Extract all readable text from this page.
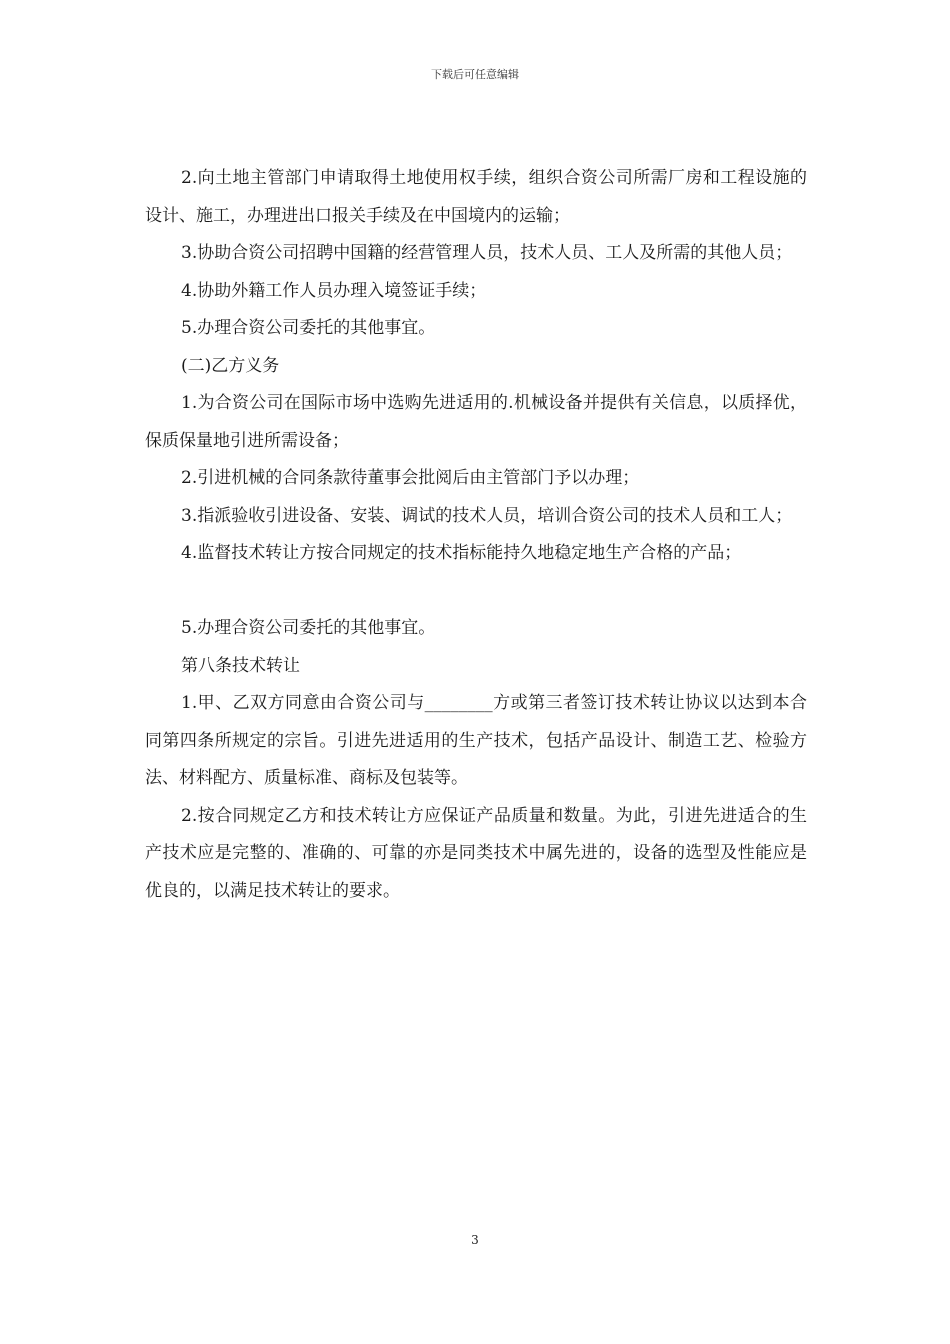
下载后可任意编辑

2.向土地主管部门申请取得土地使用权手续，组织合资公司所需厂房和工程设施的设计、施工，办理进出口报关手续及在中国境内的运输；

3.协助合资公司招聘中国籍的经营管理人员，技术人员、工人及所需的其他人员；

4.协助外籍工作人员办理入境签证手续；

5.办理合资公司委托的其他事宜。

(二)乙方义务

1.为合资公司在国际市场中选购先进适用的.机械设备并提供有关信息，以质择优，保质保量地引进所需设备；

2.引进机械的合同条款待董事会批阅后由主管部门予以办理；

3.指派验收引进设备、安装、调试的技术人员，培训合资公司的技术人员和工人；

4.监督技术转让方按合同规定的技术指标能持久地稳定地生产合格的产品；

5.办理合资公司委托的其他事宜。

第八条技术转让

1.甲、乙双方同意由合资公司与________方或第三者签订技术转让协议以达到本合同第四条所规定的宗旨。引进先进适用的生产技术，包括产品设计、制造工艺、检验方法、材料配方、质量标准、商标及包装等。

2.按合同规定乙方和技术转让方应保证产品质量和数量。为此，引进先进适合的生产技术应是完整的、准确的、可靠的亦是同类技术中属先进的，设备的选型及性能应是优良的，以满足技术转让的要求。

3
